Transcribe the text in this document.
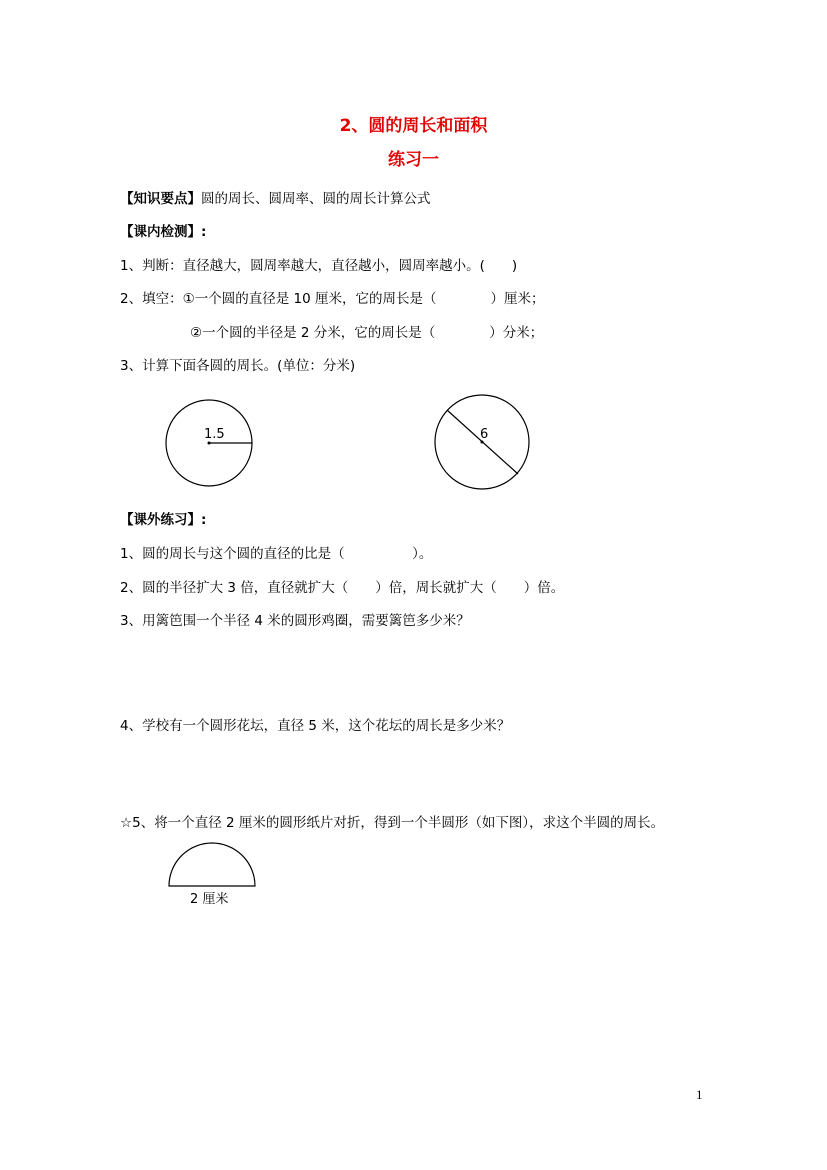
2、圆的周长和面积
练习一
【知识要点】圆的周长、圆周率、圆的周长计算公式
【课内检测】:
1、判断：直径越大，圆周率越大，直径越小，圆周率越小。(　　)
2、填空：①一个圆的直径是 10 厘米，它的周长是（　　　　）厘米；
②一个圆的半径是 2 分米，它的周长是（　　　　）分米；
3、计算下面各圆的周长。(单位：分米)
1.5	6
【课外练习】:
1、圆的周长与这个圆的直径的比是（　　　　　）。
2、圆的半径扩大 3 倍，直径就扩大（　　）倍，周长就扩大（　　）倍。
3、用篱笆围一个半径 4 米的圆形鸡圈，需要篱笆多少米？
4、学校有一个圆形花坛，直径 5 米，这个花坛的周长是多少米？
☆5、将一个直径 2 厘米的圆形纸片对折，得到一个半圆形（如下图），求这个半圆的周长。
2 厘米
1
